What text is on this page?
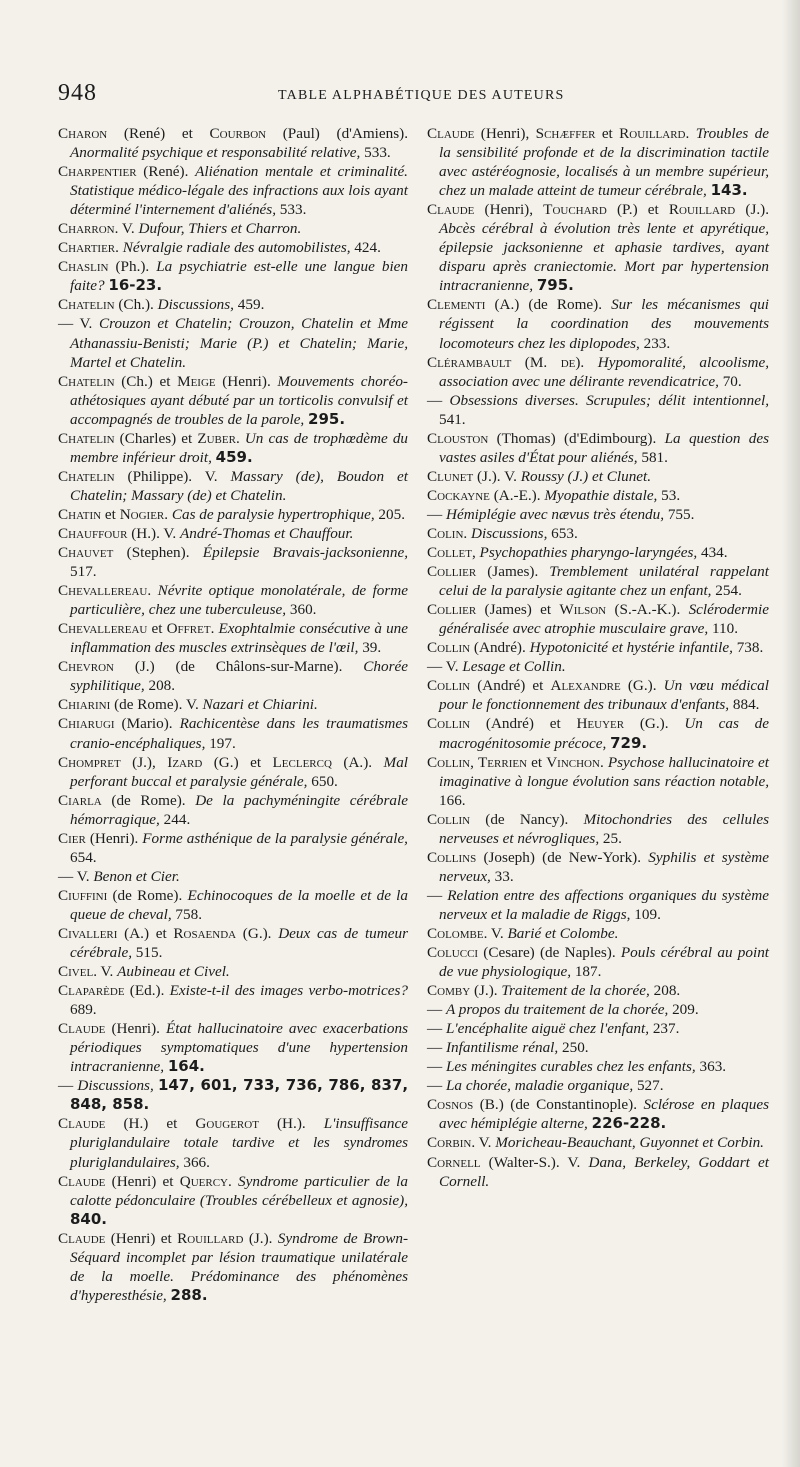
948	TABLE ALPHABÉTIQUE DES AUTEURS

Charon (René) et Courbon (Paul) (d'Amiens). Anormalité psychique et responsabilité relative, 533.

Charpentier (René). Aliénation mentale et criminalité. Statistique médico-légale des infractions aux lois ayant déterminé l'internement d'aliénés, 533.

Charron. V. Dufour, Thiers et Charron.

Chartier. Névralgie radiale des automobilistes, 424.

Chaslin (Ph.). La psychiatrie est-elle une langue bien faite? 16-23.

Chatelin (Ch.). Discussions, 459.

— V. Crouzon et Chatelin; Crouzon, Chatelin et Mme Athanassiu-Benisti; Marie (P.) et Chatelin; Marie, Martel et Chatelin.

Chatelin (Ch.) et Meige (Henri). Mouvements choréo-athétosiques ayant débuté par un torticolis convulsif et accompagnés de troubles de la parole, 295.

Chatelin (Charles) et Zuber. Un cas de trophœdème du membre inférieur droit, 459.

Chatelin (Philippe). V. Massary (de), Boudon et Chatelin; Massary (de) et Chatelin.

Chatin et Nogier. Cas de paralysie hypertrophique, 205.

Chauffour (H.). V. André-Thomas et Chauffour.

Chauvet (Stephen). Épilepsie Bravais-jacksonienne, 517.

Chevallereau. Névrite optique monolatérale, de forme particulière, chez une tuberculeuse, 360.

Chevallereau et Offret. Exophtalmie consécutive à une inflammation des muscles extrinsèques de l'œil, 39.

Chevron (J.) (de Châlons-sur-Marne). Chorée syphilitique, 208.

Chiarini (de Rome). V. Nazari et Chiarini.

Chiarugi (Mario). Rachicentèse dans les traumatismes cranio-encéphaliques, 197.

Chompret (J.), Izard (G.) et Leclercq (A.). Mal perforant buccal et paralysie générale, 650.

Ciarla (de Rome). De la pachyméningite cérébrale hémorragique, 244.

Cier (Henri). Forme asthénique de la paralysie générale, 654.

— V. Benon et Cier.

Ciuffini (de Rome). Echinocoques de la moelle et de la queue de cheval, 758.

Civalleri (A.) et Rosaenda (G.). Deux cas de tumeur cérébrale, 515.

Civel. V. Aubineau et Civel.

Claparède (Ed.). Existe-t-il des images verbo-motrices? 689.

Claude (Henri). État hallucinatoire avec exacerbations périodiques symptomatiques d'une hypertension intracranienne, 164.

— Discussions, 147, 601, 733, 736, 786, 837, 848, 858.

Claude (H.) et Gougerot (H.). L'insuffisance pluriglandulaire totale tardive et les syndromes pluriglandulaires, 366.

Claude (Henri) et Quercy. Syndrome particulier de la calotte pédonculaire (Troubles cérébelleux et agnosie), 840.

Claude (Henri) et Rouillard (J.). Syndrome de Brown-Séquard incomplet par lésion traumatique unilatérale de la moelle. Prédominance des phénomènes d'hyperesthésie, 288.

Claude (Henri), Schæffer et Rouillard. Troubles de la sensibilité profonde et de la discrimination tactile avec astéréognosie, localisés à un membre supérieur, chez un malade atteint de tumeur cérébrale, 143.

Claude (Henri), Touchard (P.) et Rouillard (J.). Abcès cérébral à évolution très lente et apyrétique, épilepsie jacksonienne et aphasie tardives, ayant disparu après craniectomie. Mort par hypertension intracranienne, 795.

Clementi (A.) (de Rome). Sur les mécanismes qui régissent la coordination des mouvements locomoteurs chez les diplopodes, 233.

Clérambault (M. de). Hypomoralité, alcoolisme, association avec une délirante revendicatrice, 70.

— Obsessions diverses. Scrupules; délit intentionnel, 541.

Clouston (Thomas) (d'Edimbourg). La question des vastes asiles d'État pour aliénés, 581.

Clunet (J.). V. Roussy (J.) et Clunet.

Cockayne (A.-E.). Myopathie distale, 53.

— Hémiplégie avec nævus très étendu, 755.

Colin. Discussions, 653.

Collet, Psychopathies pharyngo-laryngées, 434.

Collier (James). Tremblement unilatéral rappelant celui de la paralysie agitante chez un enfant, 254.

Collier (James) et Wilson (S.-A.-K.). Sclérodermie généralisée avec atrophie musculaire grave, 110.

Collin (André). Hypotonicité et hystérie infantile, 738.

— V. Lesage et Collin.

Collin (André) et Alexandre (G.). Un vœu médical pour le fonctionnement des tribunaux d'enfants, 884.

Collin (André) et Heuyer (G.). Un cas de macrogénitosomie précoce, 729.

Collin, Terrien et Vinchon. Psychose hallucinatoire et imaginative à longue évolution sans réaction notable, 166.

Collin (de Nancy). Mitochondries des cellules nerveuses et névrogliques, 25.

Collins (Joseph) (de New-York). Syphilis et système nerveux, 33.

— Relation entre des affections organiques du système nerveux et la maladie de Riggs, 109.

Colombe. V. Barié et Colombe.

Colucci (Cesare) (de Naples). Pouls cérébral au point de vue physiologique, 187.

Comby (J.). Traitement de la chorée, 208.

— A propos du traitement de la chorée, 209.

— L'encéphalite aiguë chez l'enfant, 237.

— Infantilisme rénal, 250.

— Les méningites curables chez les enfants, 363.

— La chorée, maladie organique, 527.

Cosnos (B.) (de Constantinople). Sclérose en plaques avec hémiplégie alterne, 226-228.

Corbin. V. Moricheau-Beauchant, Guyonnet et Corbin.

Cornell (Walter-S.). V. Dana, Berkeley, Goddart et Cornell.
